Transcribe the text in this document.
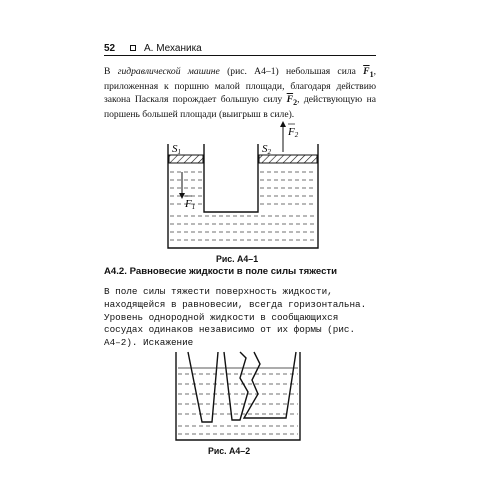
52	А. Механика

В гидравлической машине (рис. А4–1) небольшая сила $\overline{F}_1$, приложенная к поршню малой площади, благодаря действию закона Паскаля порождает большую силу $\overline{F}_2$, действующую на поршень большей площади (выигрыш в силе).

S1	S2
F1
F2
Рис. А4–1
А4.2. Равновесие жидкости в поле силы тяжести

В поле силы тяжести поверхность жидкости, находящейся в равновесии, всегда горизонтальна. Уровень однородной жидкости в сообщающихся сосудах одинаков независимо от их формы (рис. А4–2). Искажение

Рис. А4–2
